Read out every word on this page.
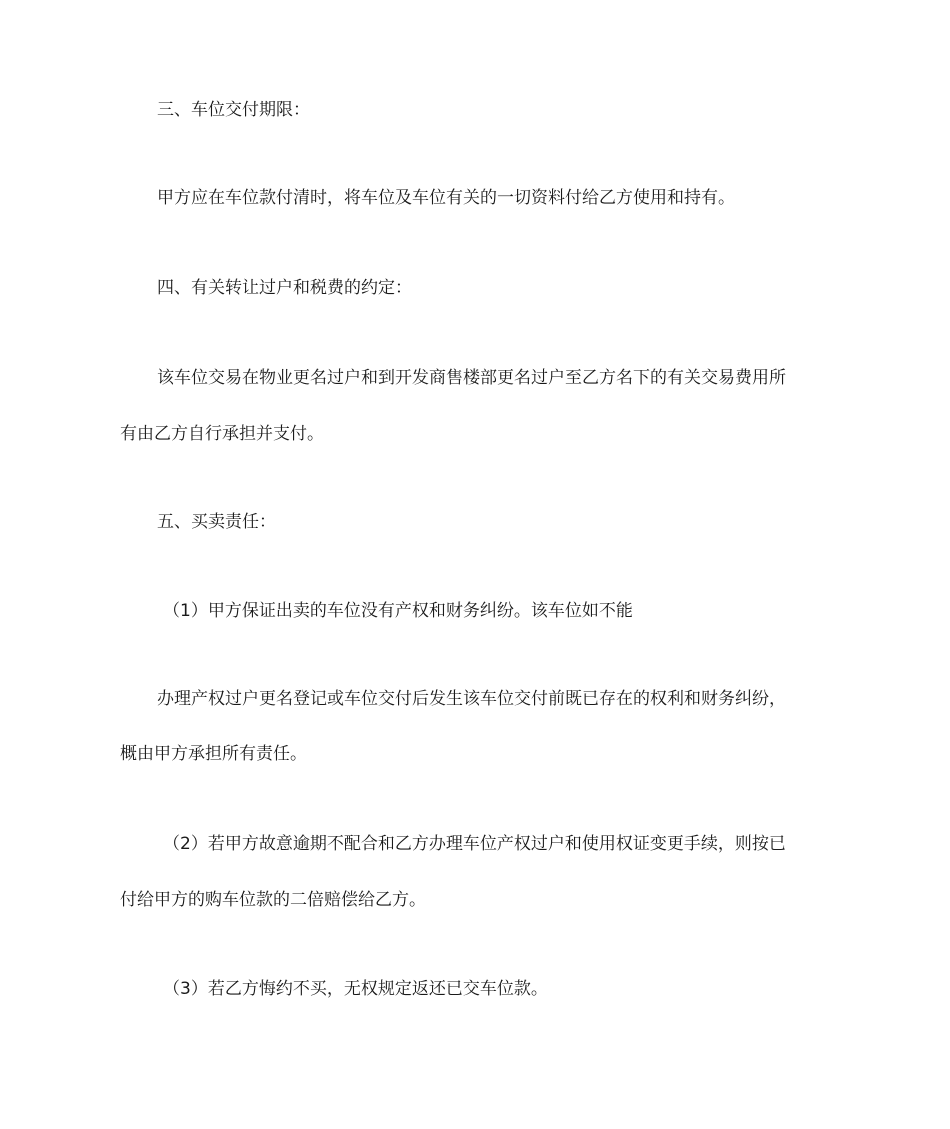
三、车位交付期限：
甲方应在车位款付清时，将车位及车位有关的一切资料付给乙方使用和持有。
四、有关转让过户和税费的约定：
该车位交易在物业更名过户和到开发商售楼部更名过户至乙方名下的有关交易费用所
有由乙方自行承担并支付。
五、买卖责任：
（1）甲方保证出卖的车位没有产权和财务纠纷。该车位如不能
办理产权过户更名登记或车位交付后发生该车位交付前既已存在的权利和财务纠纷，
概由甲方承担所有责任。
（2）若甲方故意逾期不配合和乙方办理车位产权过户和使用权证变更手续，则按已
付给甲方的购车位款的二倍赔偿给乙方。
（3）若乙方悔约不买，无权规定返还已交车位款。
